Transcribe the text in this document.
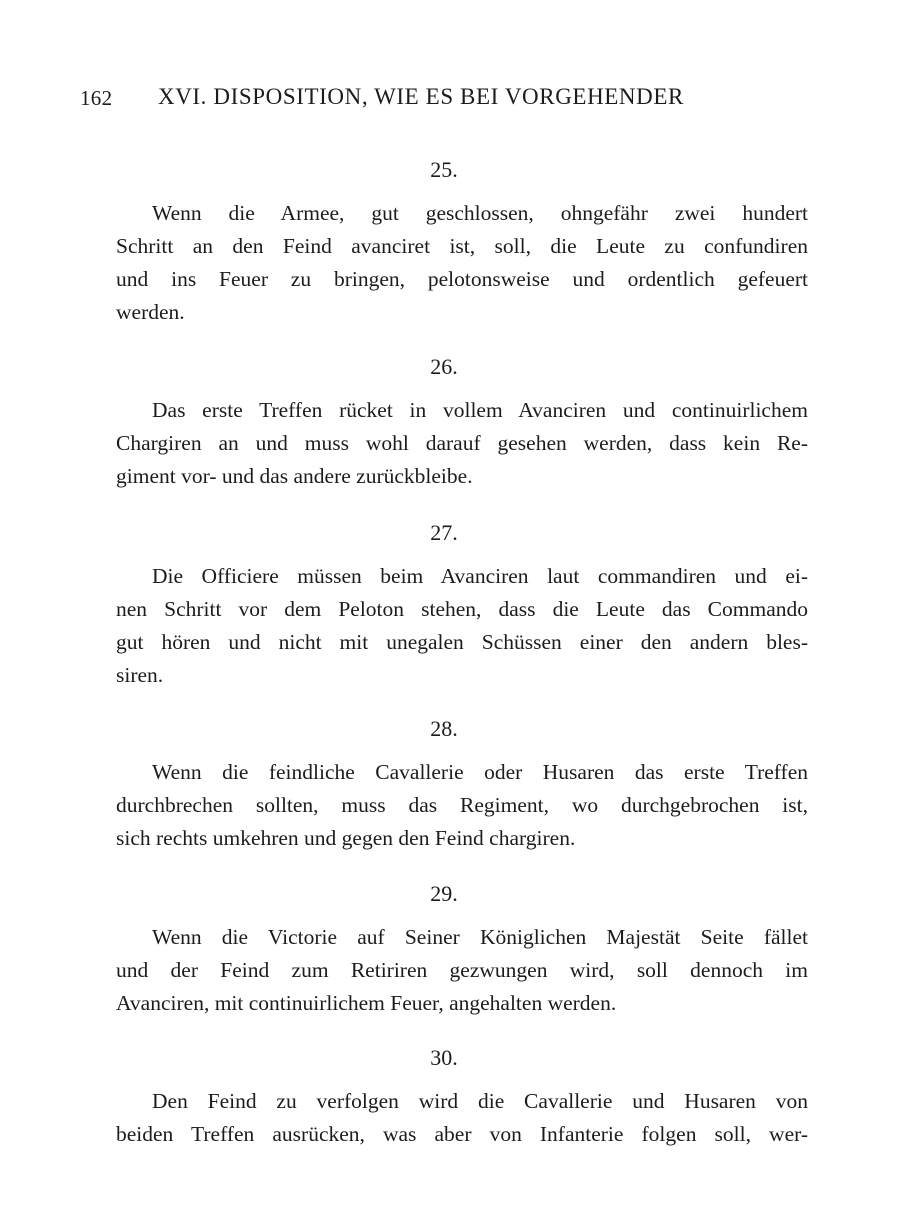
162 XVI. DISPOSITION, WIE ES BEI VORGEHENDER
25.

Wenn die Armee, gut geschlossen, ohngefähr zwei hundert
Schritt an den Feind avanciret ist, soll, die Leute zu confundiren
und ins Feuer zu bringen, pelotonsweise und ordentlich gefeuert
werden.

26.

Das erste Treffen rücket in vollem Avanciren und continuirlichem
Chargiren an und muss wohl darauf gesehen werden, dass kein Re-
giment vor- und das andere zurückbleibe.

27.

Die Officiere müssen beim Avanciren laut commandiren und ei-
nen Schritt vor dem Peloton stehen, dass die Leute das Commando
gut hören und nicht mit unegalen Schüssen einer den andern bles-
siren.

28.

Wenn die feindliche Cavallerie oder Husaren das erste Treffen
durchbrechen sollten, muss das Regiment, wo durchgebrochen ist,
sich rechts umkehren und gegen den Feind chargiren.

29.

Wenn die Victorie auf Seiner Königlichen Majestät Seite fället
und der Feind zum Retiriren gezwungen wird, soll dennoch im
Avanciren, mit continuirlichem Feuer, angehalten werden.

30.

Den Feind zu verfolgen wird die Cavallerie und Husaren von
beiden Treffen ausrücken, was aber von Infanterie folgen soll, wer-
